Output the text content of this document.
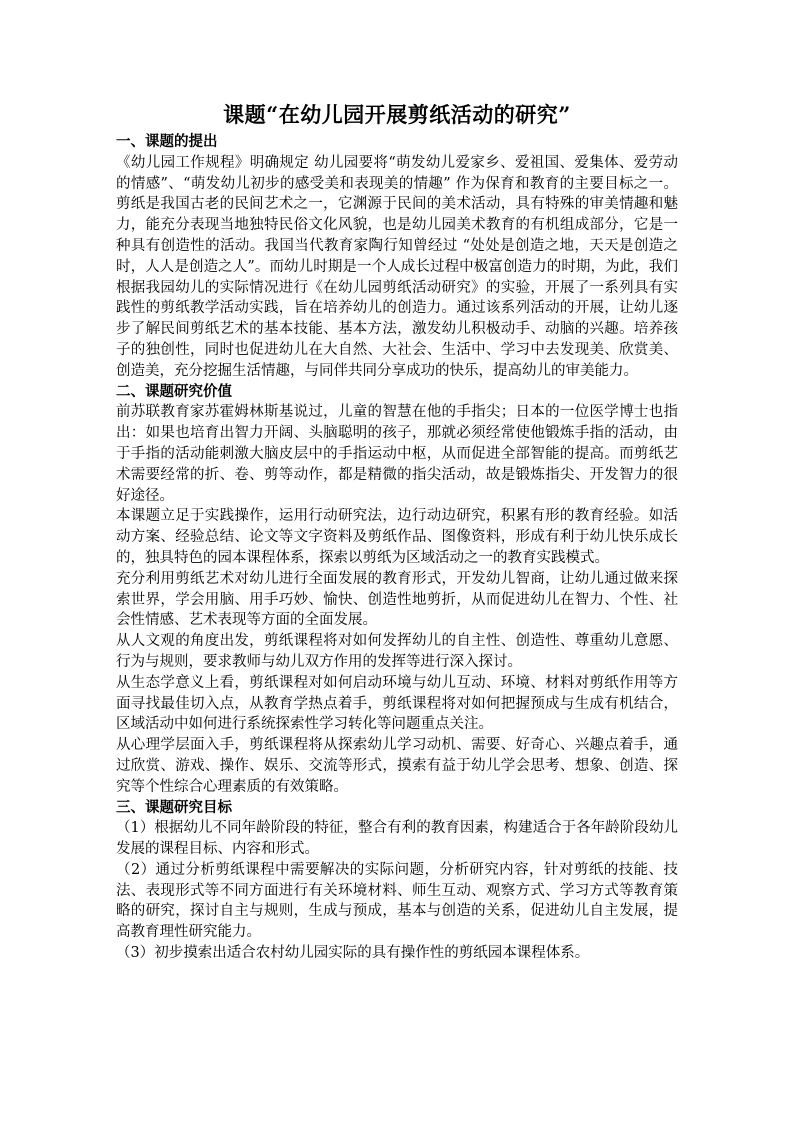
课题“在幼儿园开展剪纸活动的研究”
一、课题的提出

《幼儿园工作规程》明确规定 幼儿园要将“萌发幼儿爱家乡、爱祖国、爱集体、爱劳动的情感”、“萌发幼儿初步的感受美和表现美的情趣” 作为保育和教育的主要目标之一。剪纸是我国古老的民间艺术之一，它渊源于民间的美术活动，具有特殊的审美情趣和魅力，能充分表现当地独特民俗文化风貌，也是幼儿园美术教育的有机组成部分，它是一种具有创造性的活动。我国当代教育家陶行知曾经过 “处处是创造之地，天天是创造之时，人人是创造之人”。而幼儿时期是一个人成长过程中极富创造力的时期，为此，我们根据我园幼儿的实际情况进行《在幼儿园剪纸活动研究》的实验，开展了一系列具有实践性的剪纸教学活动实践，旨在培养幼儿的创造力。通过该系列活动的开展，让幼儿逐步了解民间剪纸艺术的基本技能、基本方法，激发幼儿积极动手、动脑的兴趣。培养孩子的独创性，同时也促进幼儿在大自然、大社会、生活中、学习中去发现美、欣赏美、创造美，充分挖掘生活情趣，与同伴共同分享成功的快乐，提高幼儿的审美能力。

二、课题研究价值

前苏联教育家苏霍姆林斯基说过，儿童的智慧在他的手指尖；日本的一位医学博士也指出：如果也培育出智力开阔、头脑聪明的孩子，那就必须经常使他锻炼手指的活动，由于手指的活动能刺激大脑皮层中的手指运动中枢，从而促进全部智能的提高。而剪纸艺术需要经常的折、卷、剪等动作，都是精微的指尖活动，故是锻炼指尖、开发智力的很好途径。

本课题立足于实践操作，运用行动研究法，边行动边研究，积累有形的教育经验。如活动方案、经验总结、论文等文字资料及剪纸作品、图像资料，形成有利于幼儿快乐成长的，独具特色的园本课程体系，探索以剪纸为区域活动之一的教育实践模式。

充分利用剪纸艺术对幼儿进行全面发展的教育形式，开发幼儿智商，让幼儿通过做来探索世界，学会用脑、用手巧妙、愉快、创造性地剪折，从而促进幼儿在智力、个性、社会性情感、艺术表现等方面的全面发展。

从人文观的角度出发，剪纸课程将对如何发挥幼儿的自主性、创造性、尊重幼儿意愿、行为与规则，要求教师与幼儿双方作用的发挥等进行深入探讨。

从生态学意义上看，剪纸课程对如何启动环境与幼儿互动、环境、材料对剪纸作用等方面寻找最佳切入点，从教育学热点着手，剪纸课程将对如何把握预成与生成有机结合，区域活动中如何进行系统探索性学习转化等问题重点关注。

从心理学层面入手，剪纸课程将从探索幼儿学习动机、需要、好奇心、兴趣点着手，通过欣赏、游戏、操作、娱乐、交流等形式，摸索有益于幼儿学会思考、想象、创造、探究等个性综合心理素质的有效策略。

三、课题研究目标

（1）根据幼儿不同年龄阶段的特征，整合有利的教育因素，构建适合于各年龄阶段幼儿发展的课程目标、内容和形式。

（2）通过分析剪纸课程中需要解决的实际问题，分析研究内容，针对剪纸的技能、技法、表现形式等不同方面进行有关环境材料、师生互动、观察方式、学习方式等教育策略的研究，探讨自主与规则，生成与预成，基本与创造的关系，促进幼儿自主发展，提高教育理性研究能力。

（3）初步摸索出适合农村幼儿园实际的具有操作性的剪纸园本课程体系。
